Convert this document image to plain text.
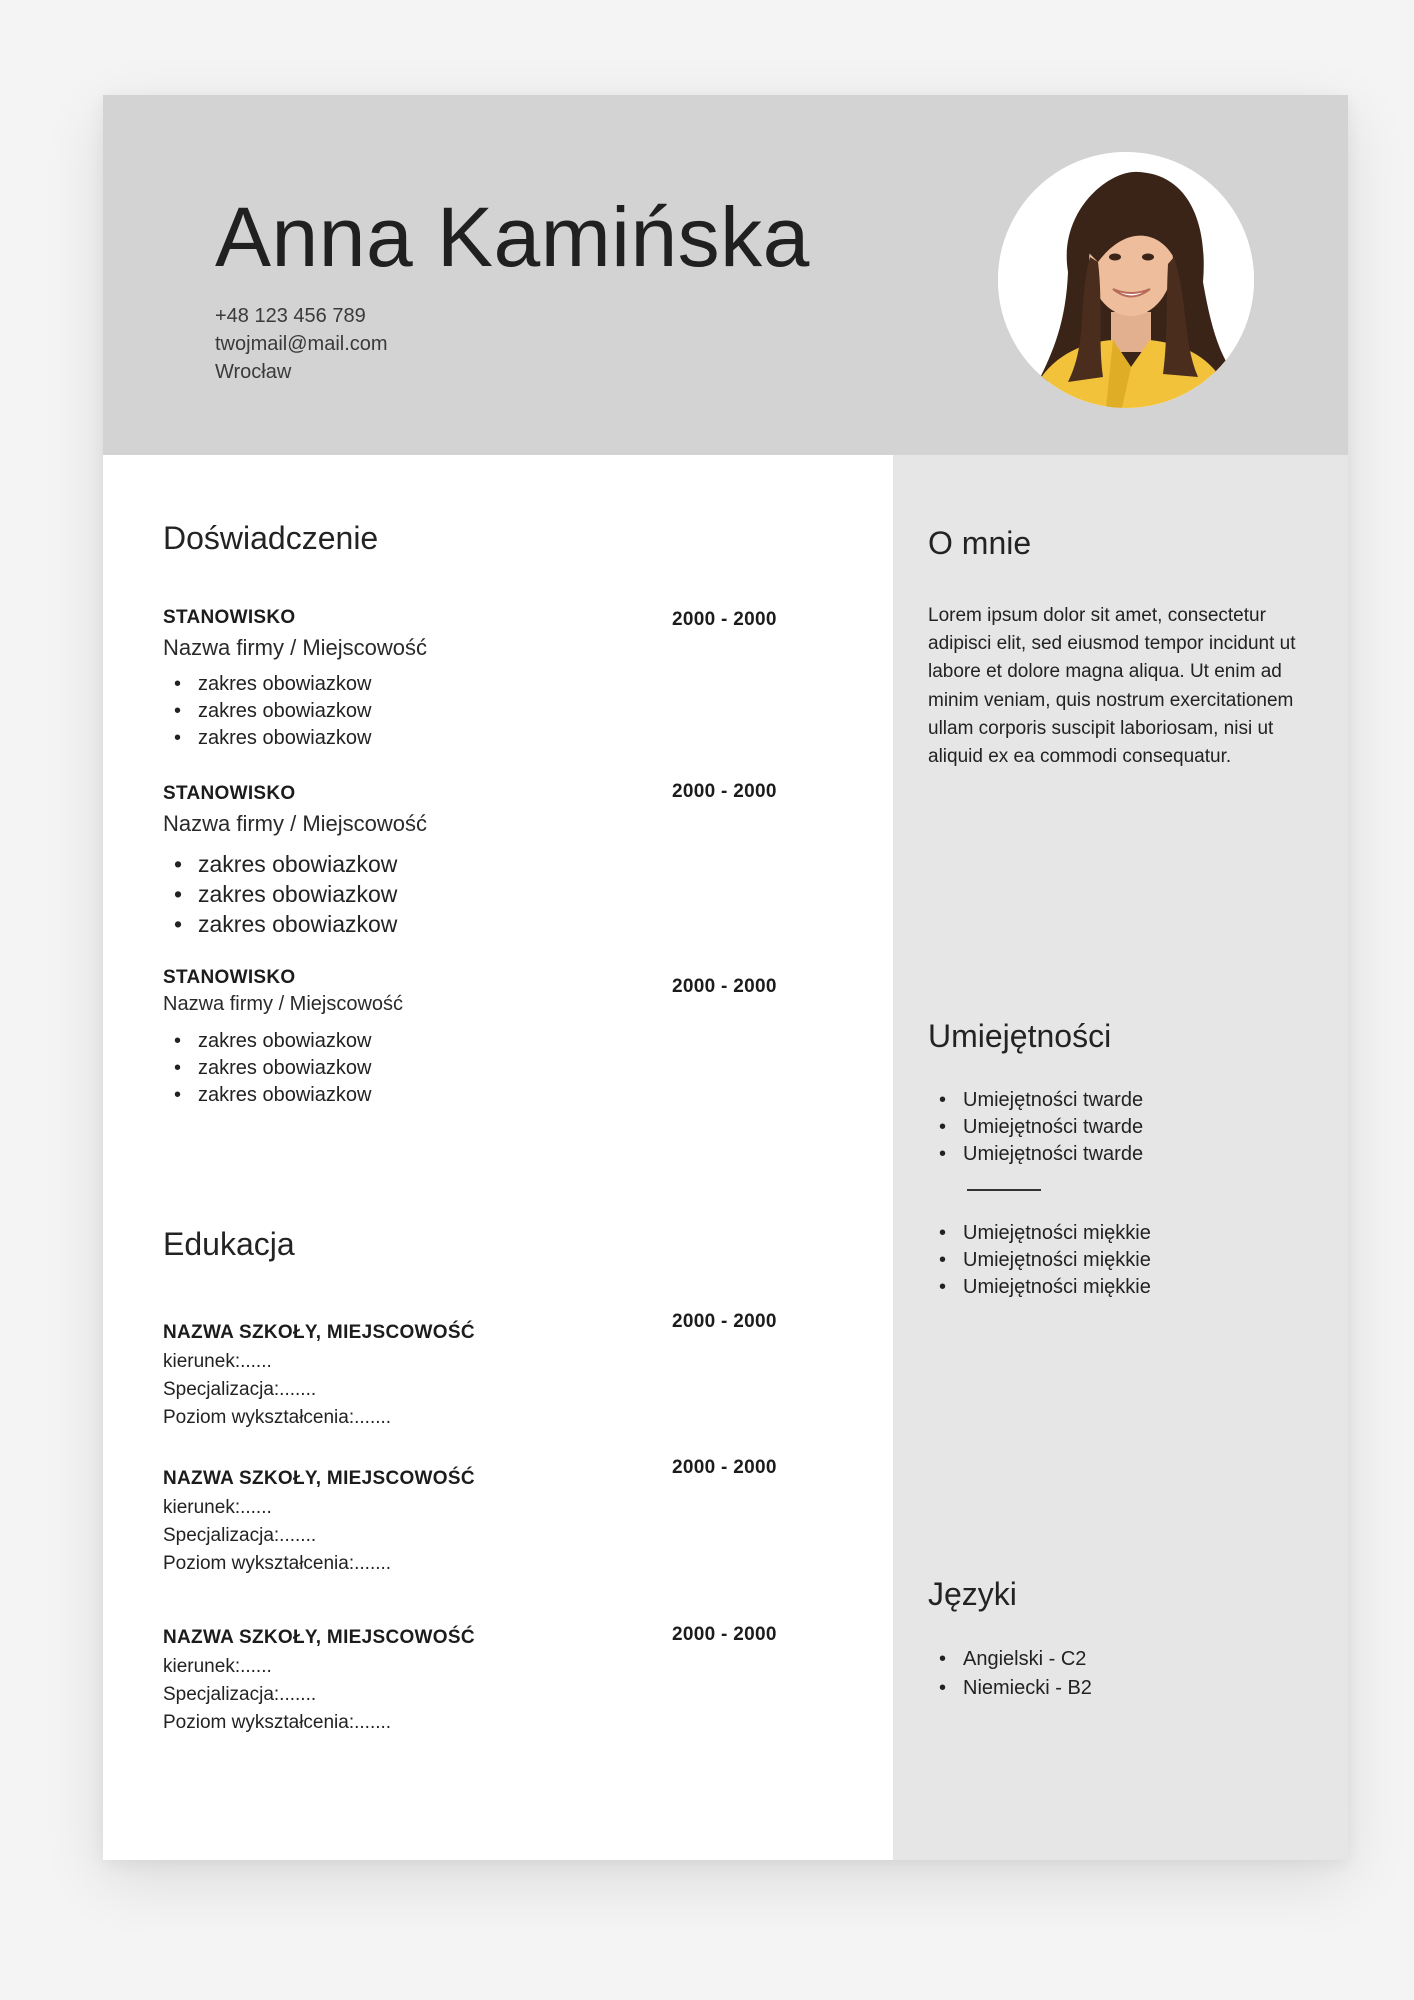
Anna Kamińska
+48 123 456 789
twojmail@mail.com
Wrocław
Doświadczenie
STANOWISKO	2000 - 2000
Nazwa firmy / Miejscowość
• zakres obowiazkow
• zakres obowiazkow
• zakres obowiazkow
STANOWISKO	2000 - 2000
Nazwa firmy / Miejscowość
• zakres obowiazkow
• zakres obowiazkow
• zakres obowiazkow
STANOWISKO	2000 - 2000
Nazwa firmy / Miejscowość
• zakres obowiazkow
• zakres obowiazkow
• zakres obowiazkow
Edukacja
NAZWA SZKOŁY, MIEJSCOWOŚĆ
2000 - 2000
kierunek:......
Specjalizacja:.......
Poziom wykształcenia:.......
NAZWA SZKOŁY, MIEJSCOWOŚĆ
2000 - 2000
kierunek:......
Specjalizacja:.......
Poziom wykształcenia:.......
NAZWA SZKOŁY, MIEJSCOWOŚĆ	2000 - 2000
kierunek:......
Specjalizacja:.......
Poziom wykształcenia:.......
O mnie

Lorem ipsum dolor sit amet, consectetur adipisci elit, sed eiusmod tempor incidunt ut labore et dolore magna aliqua. Ut enim ad minim veniam, quis nostrum exercitationem ullam corporis suscipit laboriosam, nisi ut aliquid ex ea commodi consequatur.

Umiejętności
• Umiejętności twarde
• Umiejętności twarde
• Umiejętności twarde
• Umiejętności miękkie
• Umiejętności miękkie
• Umiejętności miękkie
Języki
• Angielski - C2
• Niemiecki - B2
